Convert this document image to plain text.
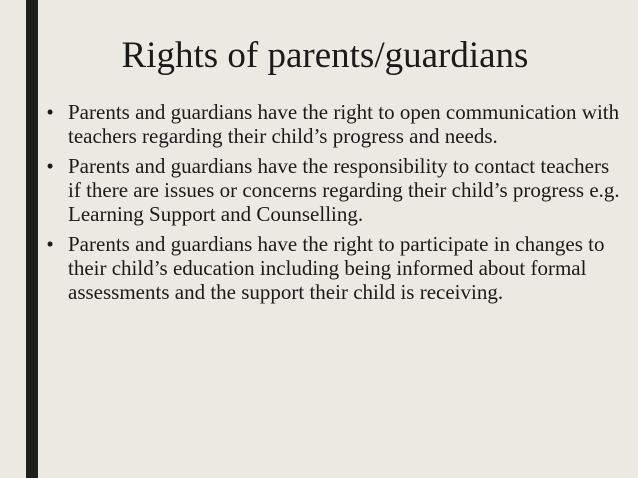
Rights of parents/guardians
• Parents and guardians have the right to open communication with teachers regarding their child’s progress and needs.
• Parents and guardians have the responsibility to contact teachers if there are issues or concerns regarding their child’s progress e.g. Learning Support and Counselling.
• Parents and guardians have the right to participate in changes to their child’s education including being informed about formal assessments and the support their child is receiving.
